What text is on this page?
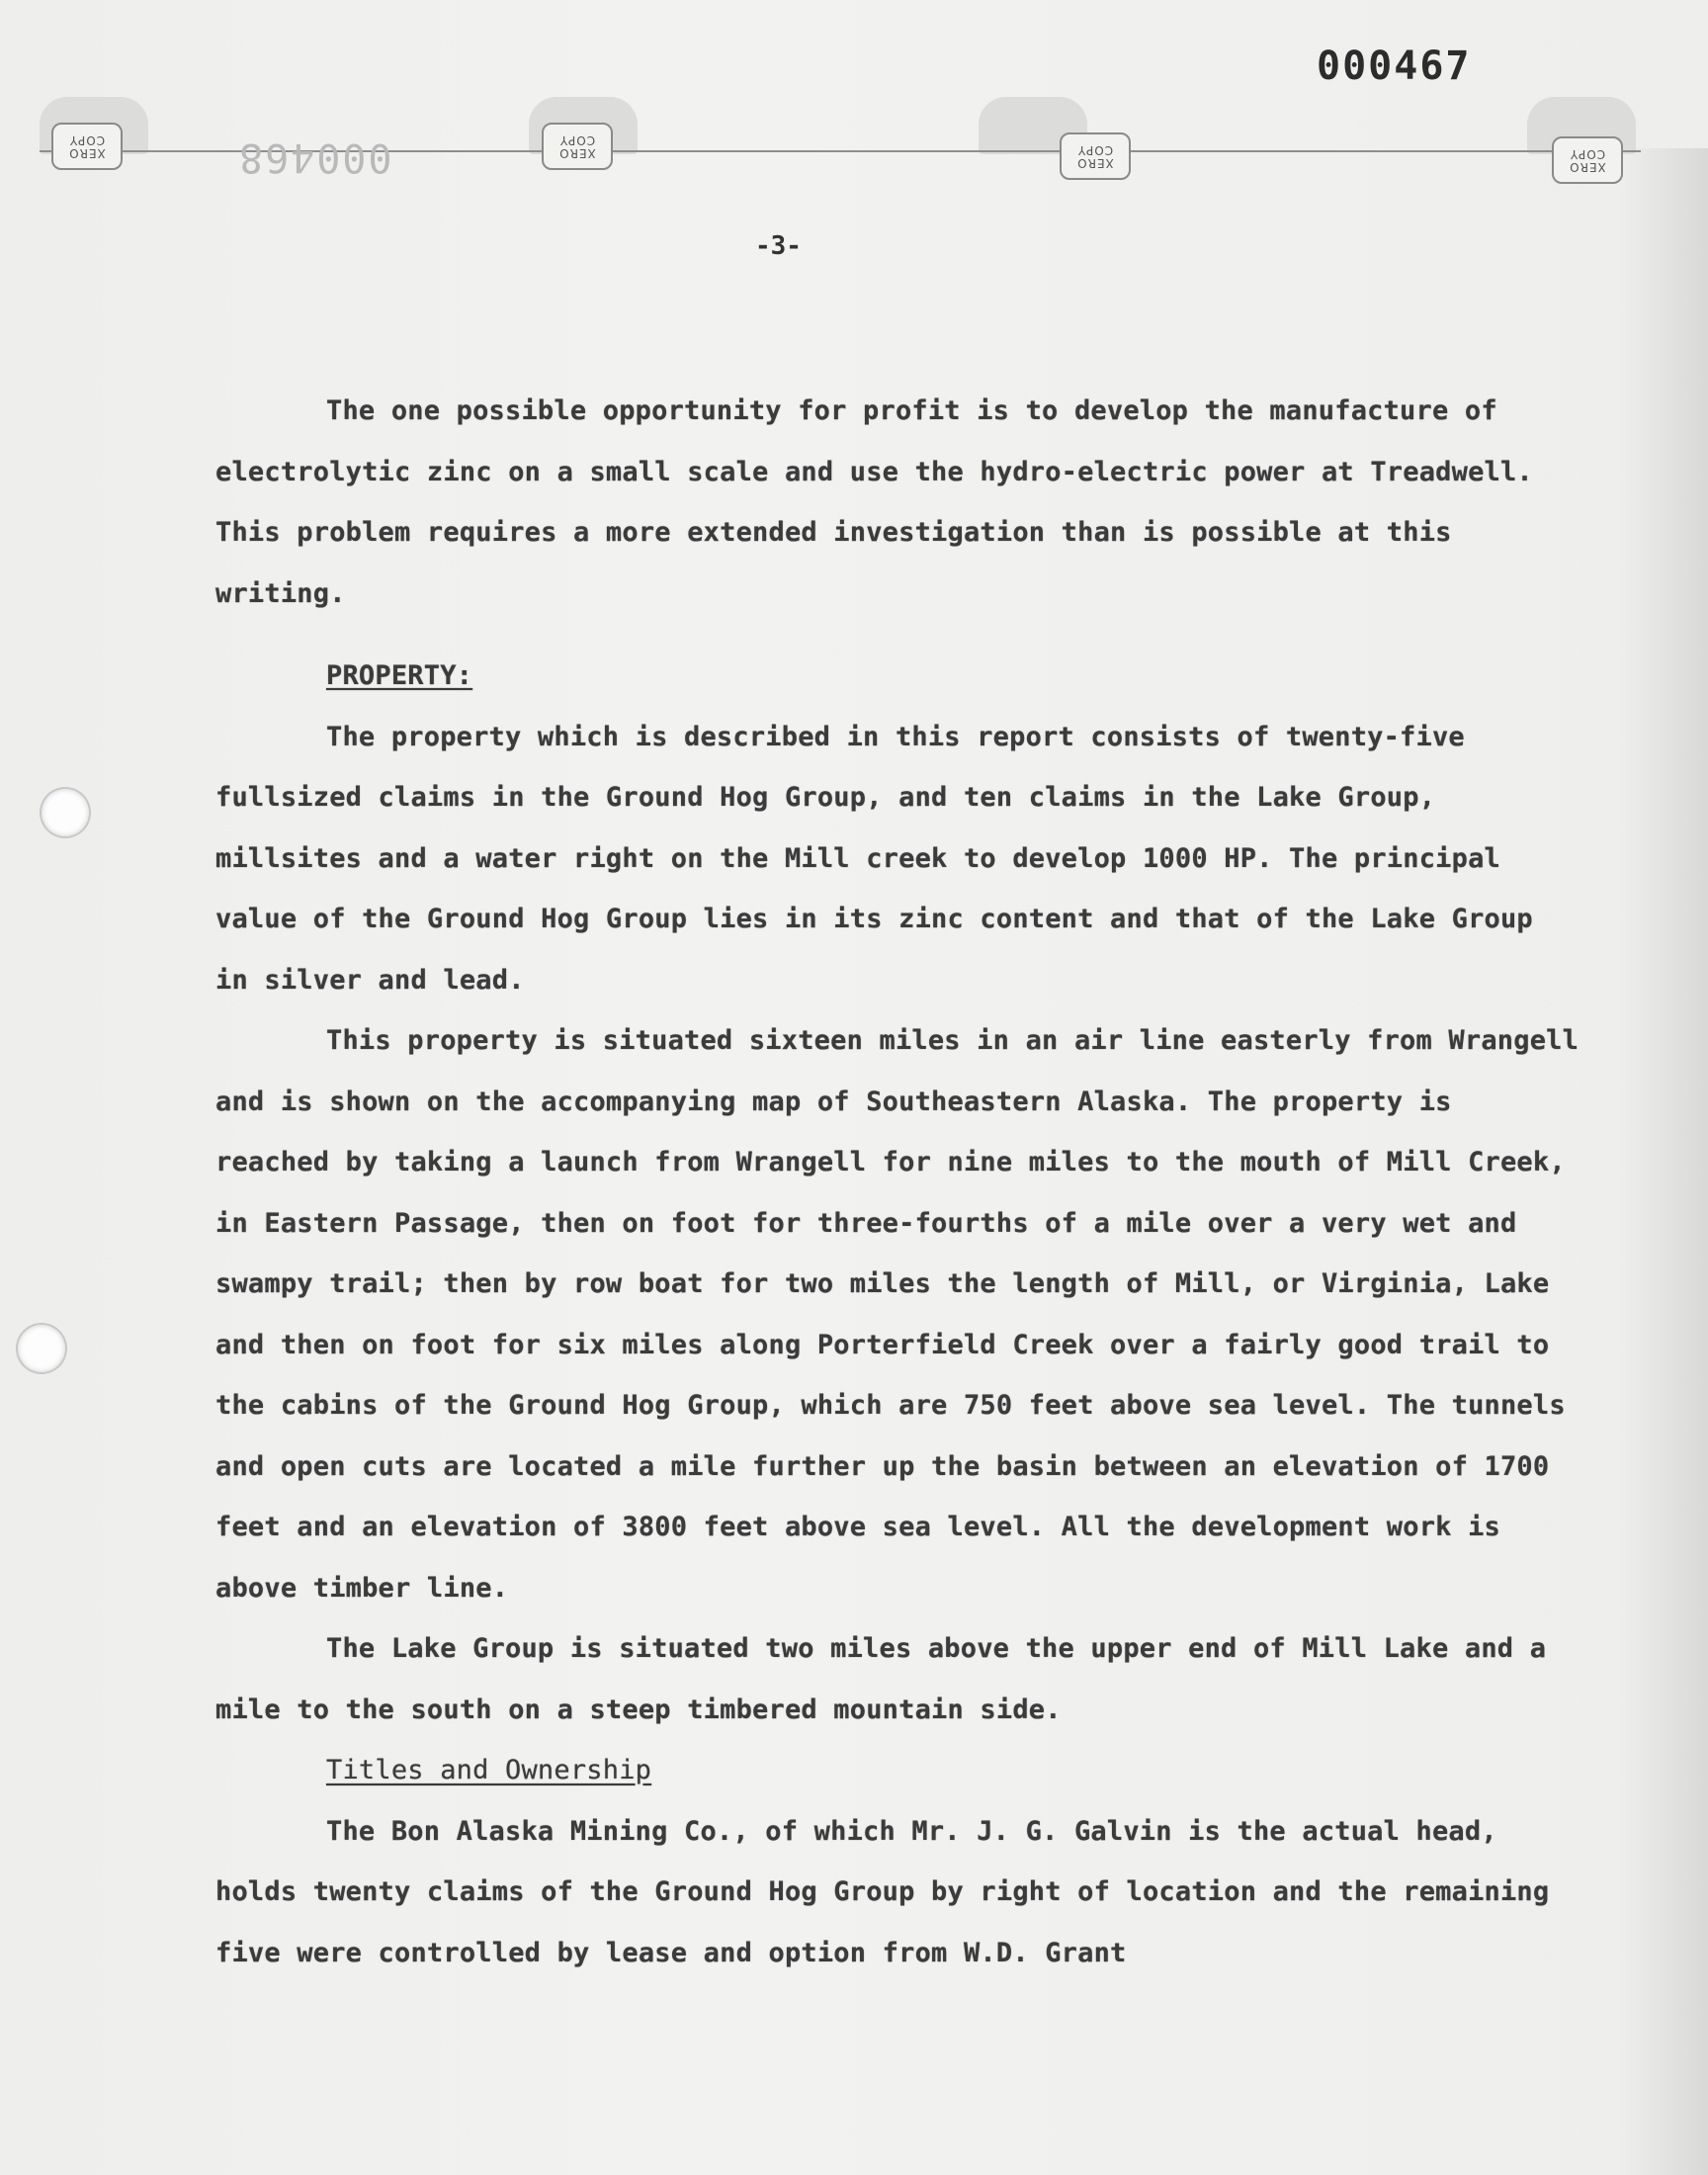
XERO
COPY
XERO
COPY
XERO
COPY
XERO
COPY
000467
000468
-3-

The one possible opportunity for profit is to develop the manufacture of electrolytic zinc on a small scale and use the hydro-electric power at Treadwell. This problem requires a more extended investigation than is possible at this writing.

PROPERTY:

The property which is described in this report consists of twenty-five fullsized claims in the Ground Hog Group, and ten claims in the Lake Group, millsites and a water right on the Mill creek to develop 1000 HP. The principal value of the Ground Hog Group lies in its zinc content and that of the Lake Group in silver and lead.

This property is situated sixteen miles in an air line easterly from Wrangell and is shown on the accompanying map of Southeastern Alaska. The property is reached by taking a launch from Wrangell for nine miles to the mouth of Mill Creek, in Eastern Passage, then on foot for three-fourths of a mile over a very wet and swampy trail; then by row boat for two miles the length of Mill, or Virginia, Lake and then on foot for six miles along Porterfield Creek over a fairly good trail to the cabins of the Ground Hog Group, which are 750 feet above sea level. The tunnels and open cuts are located a mile further up the basin between an elevation of 1700 feet and an elevation of 3800 feet above sea level. All the development work is above timber line.

The Lake Group is situated two miles above the upper end of Mill Lake and a mile to the south on a steep timbered mountain side.

Titles and Ownership

The Bon Alaska Mining Co., of which Mr. J. G. Galvin is the actual head, holds twenty claims of the Ground Hog Group by right of location and the remaining five were controlled by lease and option from W.D. Grant
